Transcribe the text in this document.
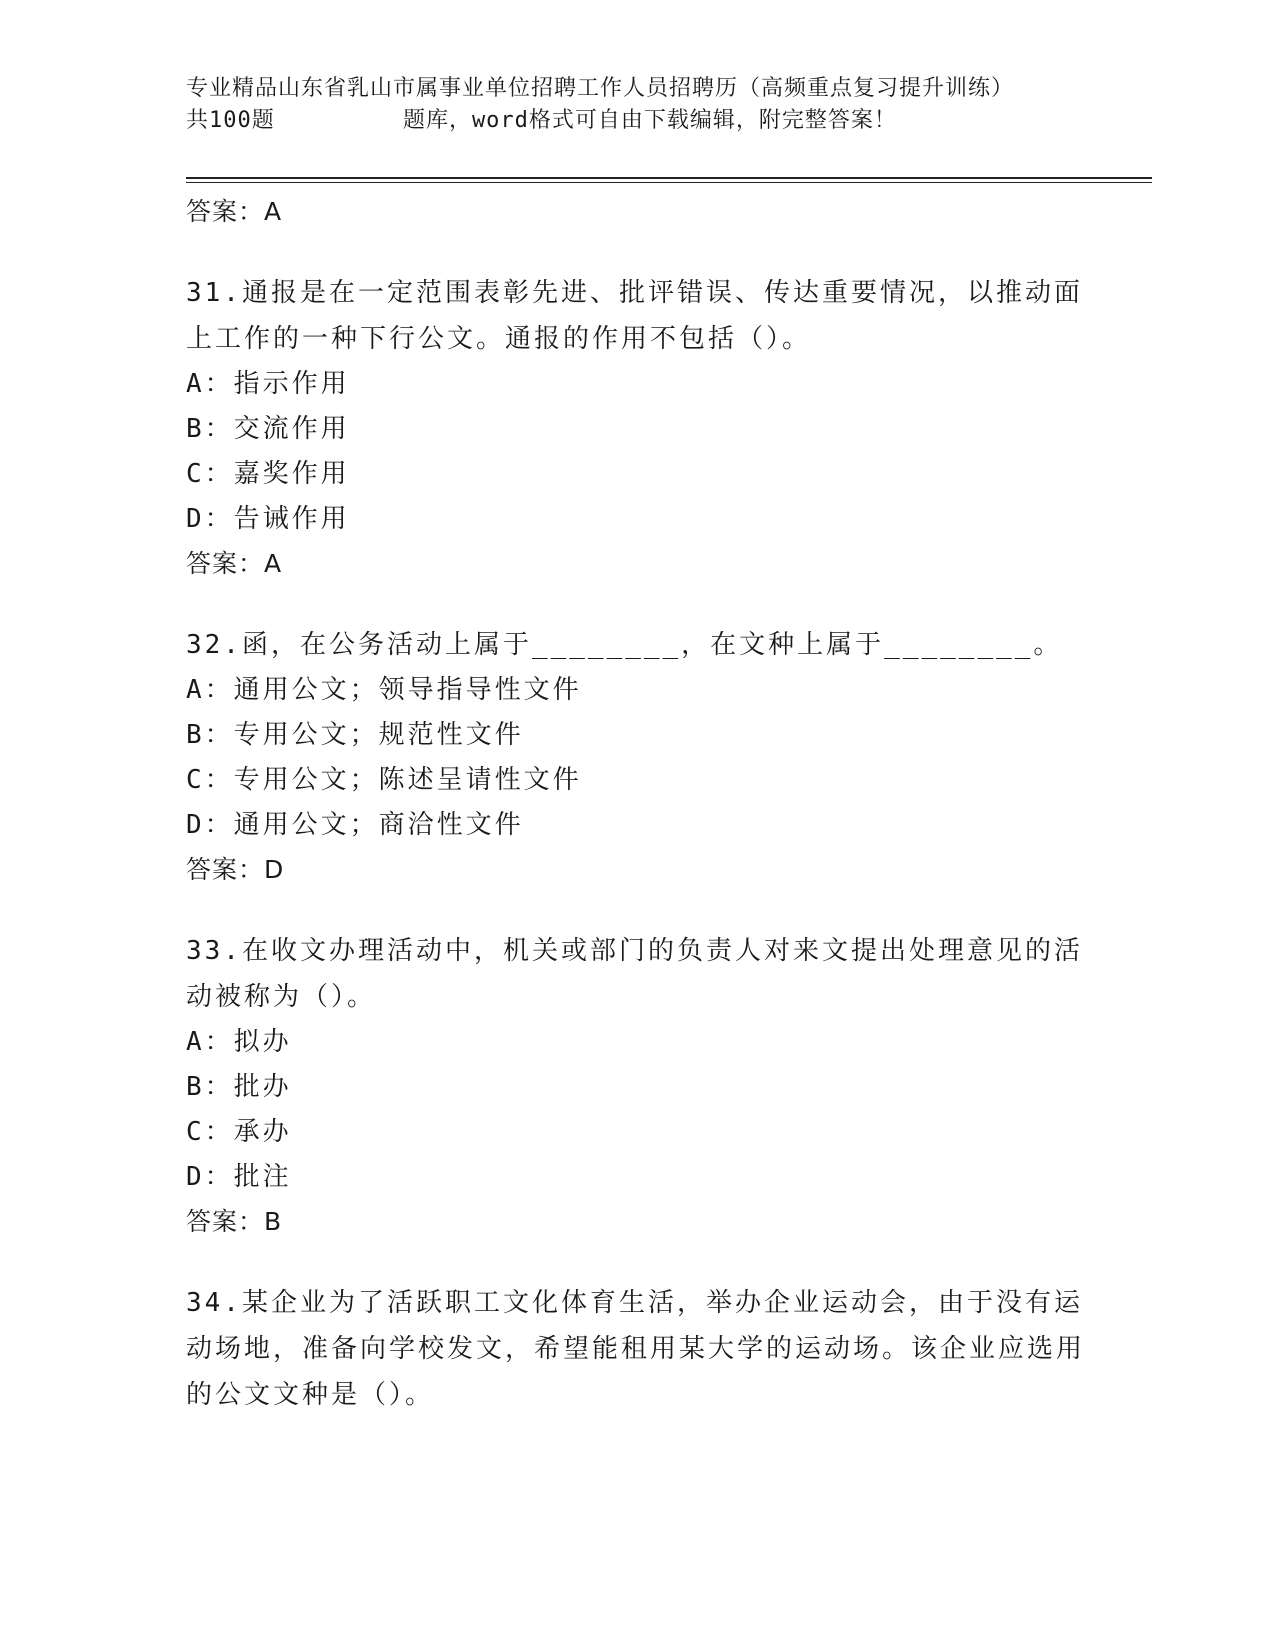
专业精品山东省乳山市属事业单位招聘工作人员招聘历（高频重点复习提升训练）
共100题         题库，word格式可自由下载编辑，附完整答案！
答案：A
31.通报是在一定范围表彰先进、批评错误、传达重要情况，以推动面上工作的一种下行公文。通报的作用不包括（）。
A：指示作用
B：交流作用
C：嘉奖作用
D：告诫作用
答案：A
32.函，在公务活动上属于________，在文种上属于________。
A：通用公文；领导指导性文件
B：专用公文；规范性文件
C：专用公文；陈述呈请性文件
D：通用公文；商洽性文件
答案：D
33.在收文办理活动中，机关或部门的负责人对来文提出处理意见的活动被称为（）。
A：拟办
B：批办
C：承办
D：批注
答案：B
34.某企业为了活跃职工文化体育生活，举办企业运动会，由于没有运动场地，准备向学校发文，希望能租用某大学的运动场。该企业应选用的公文文种是（）。
